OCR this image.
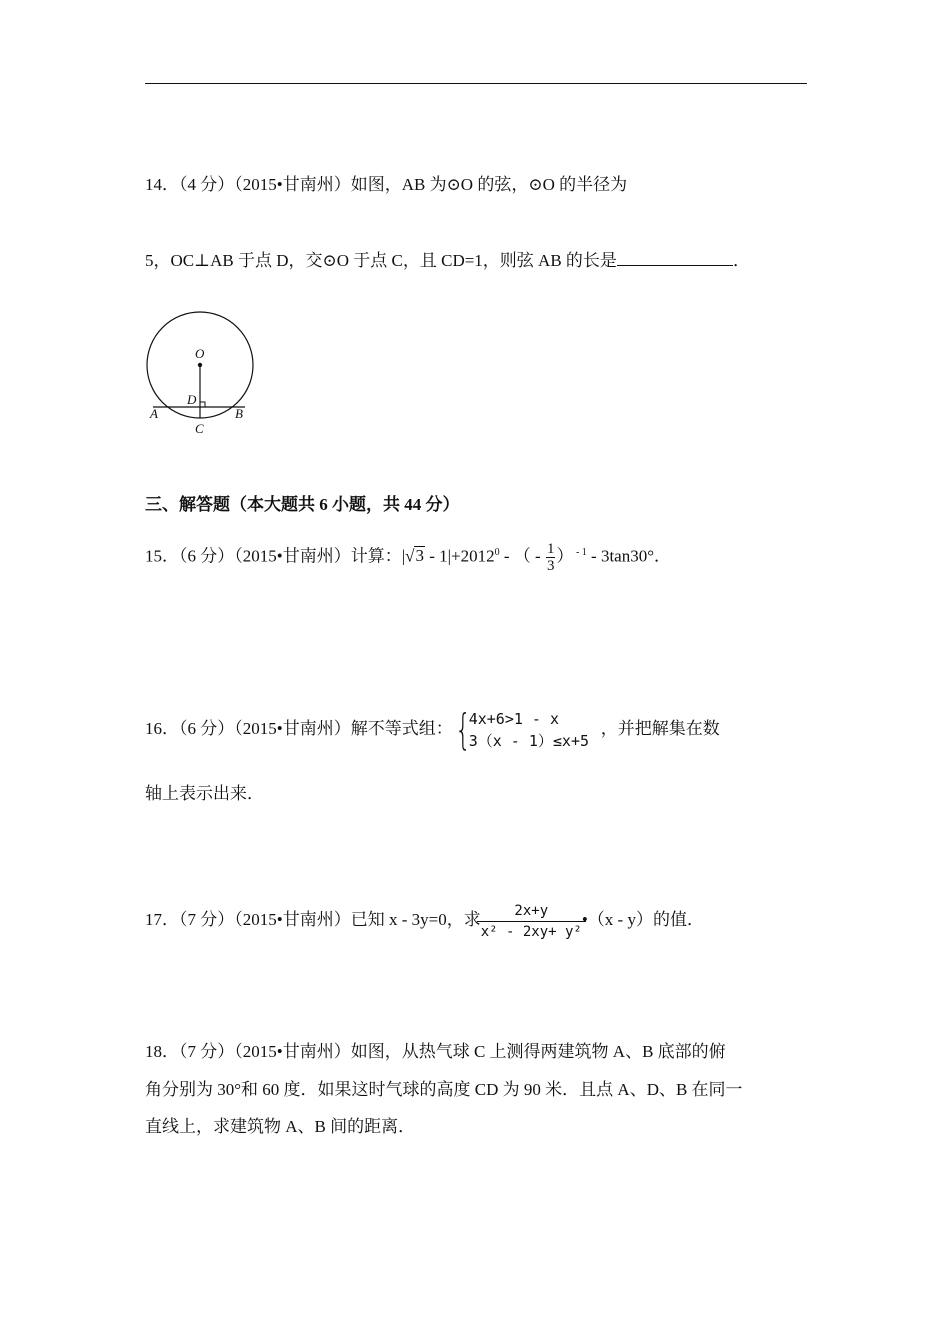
14．（4 分）（2015•甘南州）如图，AB 为⊙O 的弦，⊙O 的半径为
5，OC⊥AB 于点 D，交⊙O 于点 C，且 CD=1，则弦 AB 的长是	．
O
D
A	B
C
三、解答题（本大题共 6 小题，共 44 分）
15．（6 分）（2015•甘南州）计算：$|√3 - 1|+2012^0$ - （ - $\frac{1}{3}$ ） $^{- 1}$ - 3tan30°．
16．（6 分）（2015•甘南州）解不等式组： {
4x+6>1 - x
3（x - 1）≤x+5
，并把解集在数
轴上表示出来．
17．（7 分）（2015•甘南州）已知 x - 3y=0，求 $\frac{2x+y}{\text{x² - 2xy+ y²}}$ •（x - y）的值．
18．（7 分）（2015•甘南州）如图，从热气球 C 上测得两建筑物 A、B 底部的俯
角分别为 30°和 60 度．如果这时气球的高度 CD 为 90 米．且点 A、D、B 在同一
直线上，求建筑物 A、B 间的距离．
